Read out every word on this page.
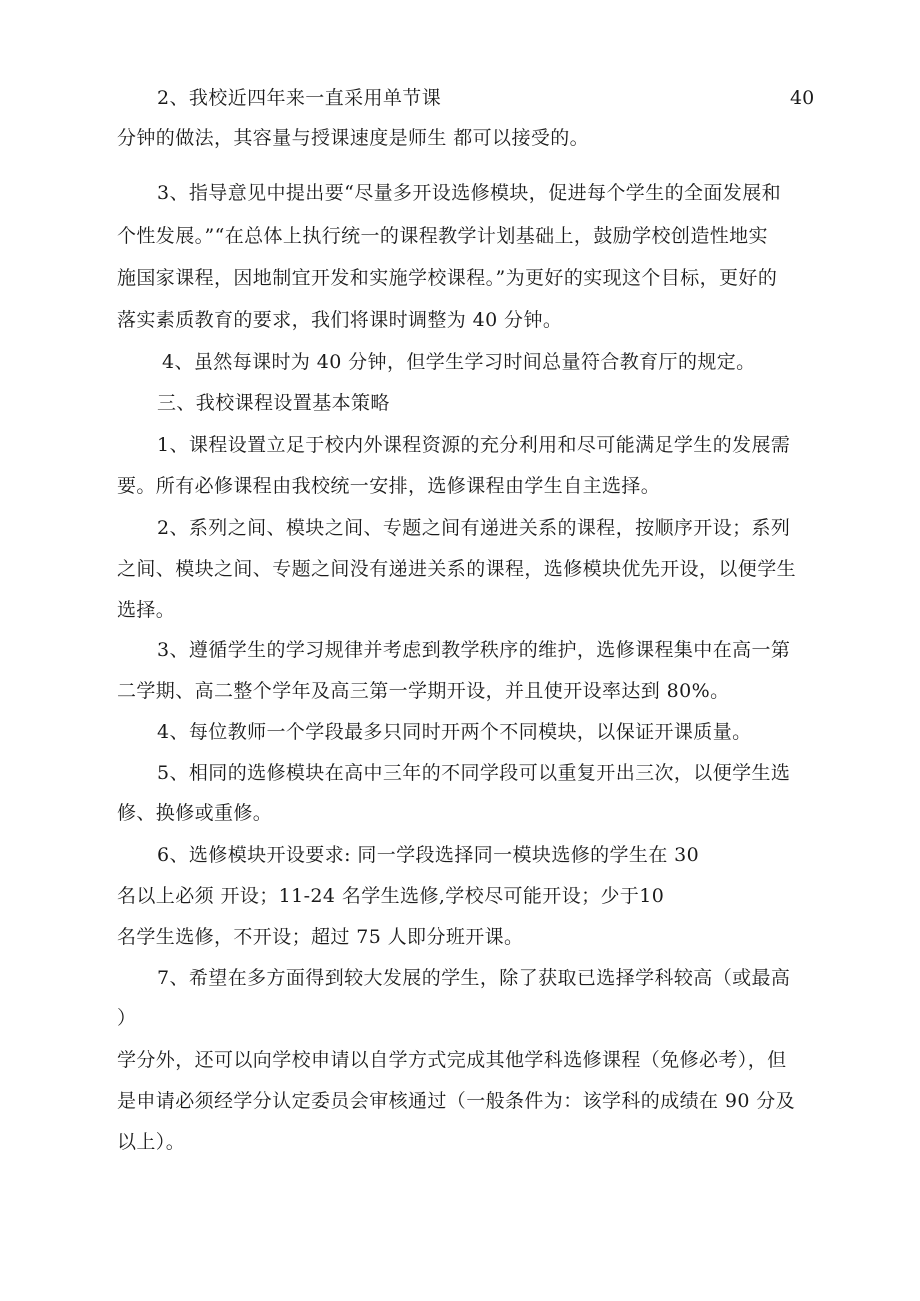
2、我校近四年来一直采用单节课	40
分钟的做法，其容量与授课速度是师生 都可以接受的。
3、指导意见中提出要“尽量多开设选修模块，促进每个学生的全面发展和
个性发展。”“在总体上执行统一的课程教学计划基础上，鼓励学校创造性地实
施国家课程，因地制宜开发和实施学校课程。”为更好的实现这个目标，更好的
落实素质教育的要求，我们将课时调整为 40 分钟。
4、虽然每课时为 40 分钟，但学生学习时间总量符合教育厅的规定。
三、我校课程设置基本策略
1、课程设置立足于校内外课程资源的充分利用和尽可能满足学生的发展需
要。所有必修课程由我校统一安排，选修课程由学生自主选择。
2、系列之间、模块之间、专题之间有递进关系的课程，按顺序开设；系列
之间、模块之间、专题之间没有递进关系的课程，选修模块优先开设，以便学生
选择。
3、遵循学生的学习规律并考虑到教学秩序的维护，选修课程集中在高一第
二学期、高二整个学年及高三第一学期开设，并且使开设率达到 80%。
4、每位教师一个学段最多只同时开两个不同模块，以保证开课质量。
5、相同的选修模块在高中三年的不同学段可以重复开出三次，以便学生选
修、换修或重修。
6、选修模块开设要求: 同一学段选择同一模块选修的学生在 30
名以上必须 开设；11-24 名学生选修,学校尽可能开设；少于10
名学生选修，不开设；超过 75 人即分班开课。
7、希望在多方面得到较大发展的学生，除了获取已选择学科较高（或最高
）
学分外，还可以向学校申请以自学方式完成其他学科选修课程（免修必考），但
是申请必须经学分认定委员会审核通过（一般条件为：该学科的成绩在 90 分及
以上）。
